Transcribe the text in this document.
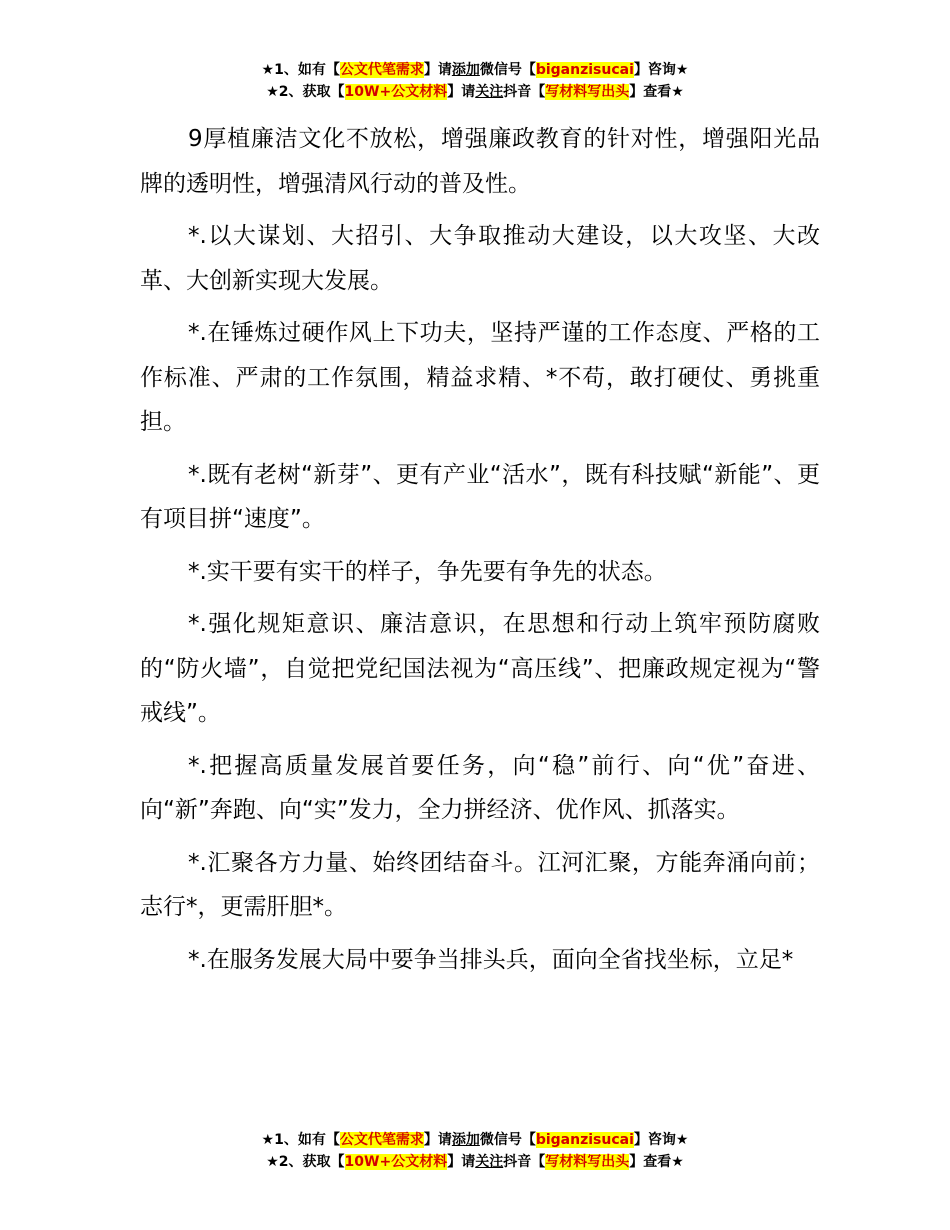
★1、如有【公文代笔需求】请添加微信号【biganzisucai】咨询★
★2、获取【10W+公文材料】请关注抖音【写材料写出头】查看★

9厚植廉洁文化不放松，增强廉政教育的针对性，增强阳光品牌的透明性，增强清风行动的普及性。

*.以大谋划、大招引、大争取推动大建设，以大攻坚、大改革、大创新实现大发展。

*.在锤炼过硬作风上下功夫，坚持严谨的工作态度、严格的工作标准、严肃的工作氛围，精益求精、*不苟，敢打硬仗、勇挑重担。

*.既有老树“新芽”、更有产业“活水”，既有科技赋“新能”、更有项目拼“速度”。

*.实干要有实干的样子，争先要有争先的状态。

*.强化规矩意识、廉洁意识，在思想和行动上筑牢预防腐败的“防火墙”，自觉把党纪国法视为“高压线”、把廉政规定视为“警戒线”。

*.把握高质量发展首要任务，向“稳”前行、向“优”奋进、向“新”奔跑、向“实”发力，全力拼经济、优作风、抓落实。

*.汇聚各方力量、始终团结奋斗。江河汇聚，方能奔涌向前；志行*，更需肝胆*。

*.在服务发展大局中要争当排头兵，面向全省找坐标，立足*

★1、如有【公文代笔需求】请添加微信号【biganzisucai】咨询★
★2、获取【10W+公文材料】请关注抖音【写材料写出头】查看★
